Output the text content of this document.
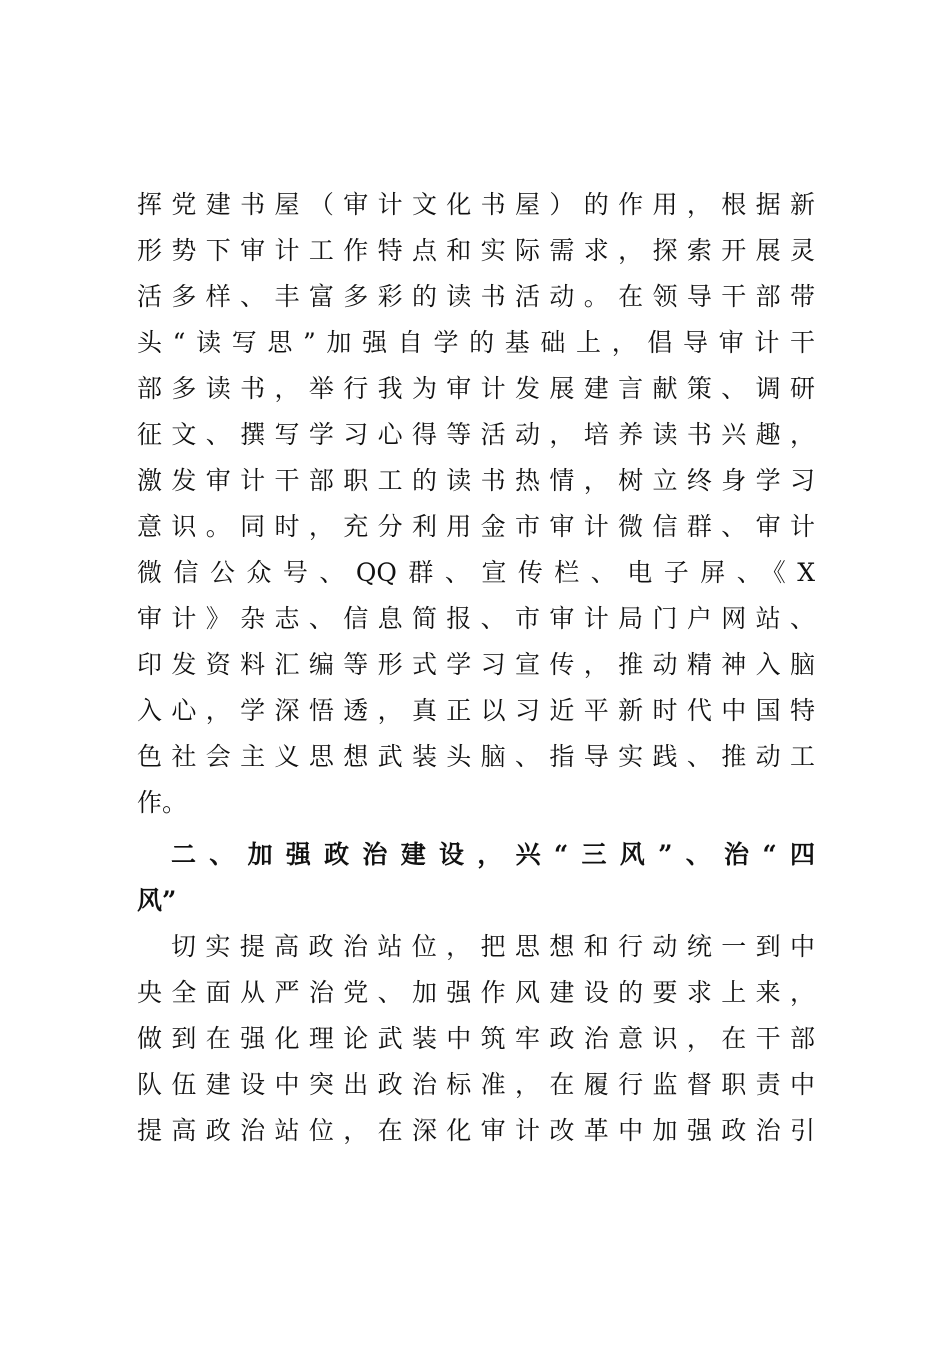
挥党建书屋（审计文化书屋）的作用，根据新
形势下审计工作特点和实际需求，探索开展灵
活多样、丰富多彩的读书活动。在领导干部带
头“读写思”加强自学的基础上，倡导审计干
部多读书，举行我为审计发展建言献策、调研
征文、撰写学习心得等活动，培养读书兴趣，
激发审计干部职工的读书热情，树立终身学习
意识。同时，充分利用金市审计微信群、审计
微信公众号、QQ群、宣传栏、电子屏、《X
审计》杂志、信息简报、市审计局门户网站、
印发资料汇编等形式学习宣传，推动精神入脑
入心，学深悟透，真正以习近平新时代中国特
色社会主义思想武装头脑、指导实践、推动工
作。
二、加强政治建设，兴“三风”、治“四
风”
切实提高政治站位，把思想和行动统一到中
央全面从严治党、加强作风建设的要求上来，
做到在强化理论武装中筑牢政治意识，在干部
队伍建设中突出政治标准，在履行监督职责中
提高政治站位，在深化审计改革中加强政治引
